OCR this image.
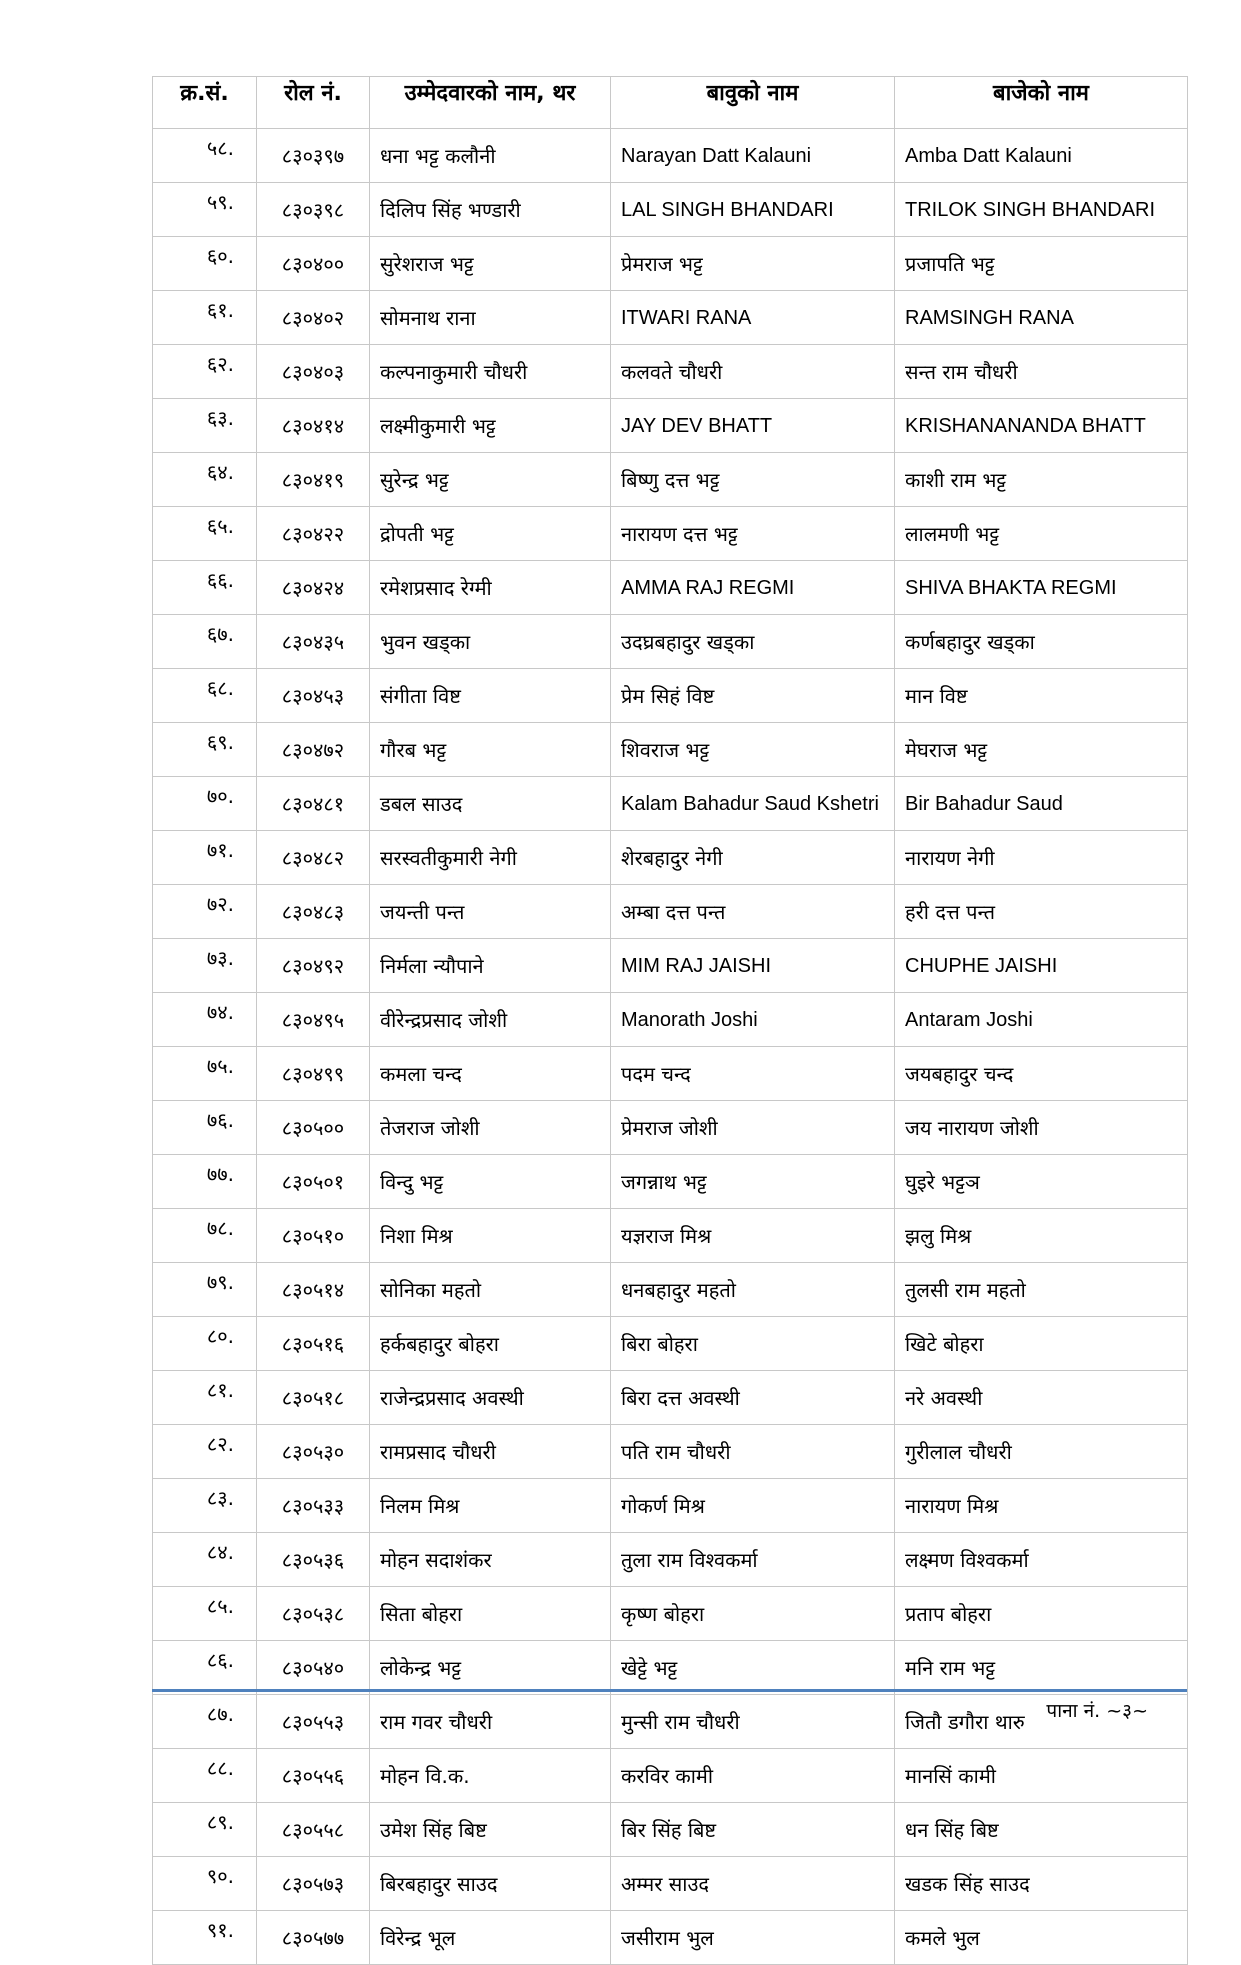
क्र.सं.	रोल नं.	उम्मेदवारको नाम, थर	बावुको नाम	बाजेको नाम
५८.	८३०३९७	धना भट्ट कलौनी	Narayan Datt Kalauni	Amba Datt Kalauni
५९.	८३०३९८	दिलिप सिंह भण्डारी	LAL SINGH BHANDARI	TRILOK SINGH BHANDARI
६०.	८३०४००	सुरेशराज भट्ट	प्रेमराज भट्ट	प्रजापति भट्ट
६१.	८३०४०२	सोमनाथ राना	ITWARI RANA	RAMSINGH RANA
६२.	८३०४०३	कल्पनाकुमारी चौधरी	कलवते चौधरी	सन्त राम चौधरी
६३.	८३०४१४	लक्ष्मीकुमारी भट्ट	JAY DEV BHATT	KRISHANANANDA BHATT
६४.	८३०४१९	सुरेन्द्र भट्ट	बिष्णु दत्त भट्ट	काशी राम भट्ट
६५.	८३०४२२	द्रोपती भट्ट	नारायण दत्त भट्ट	लालमणी भट्ट
६६.	८३०४२४	रमेशप्रसाद रेग्मी	AMMA RAJ REGMI	SHIVA BHAKTA REGMI
६७.	८३०४३५	भुवन खड्का	उदघ्रबहादुर खड्का	कर्णबहादुर खड्का
६८.	८३०४५३	संगीता विष्ट	प्रेम सिहं विष्ट	मान विष्ट
६९.	८३०४७२	गौरब भट्ट	शिवराज भट्ट	मेघराज भट्ट
७०.	८३०४८१	डबल साउद	Kalam Bahadur Saud Kshetri	Bir Bahadur Saud
७१.	८३०४८२	सरस्वतीकुमारी नेगी	शेरबहादुर नेगी	नारायण नेगी
७२.	८३०४८३	जयन्ती पन्त	अम्बा दत्त पन्त	हरी दत्त पन्त
७३.	८३०४९२	निर्मला न्यौपाने	MIM RAJ JAISHI	CHUPHE JAISHI
७४.	८३०४९५	वीरेन्द्रप्रसाद जोशी	Manorath Joshi	Antaram Joshi
७५.	८३०४९९	कमला चन्द	पदम चन्द	जयबहादुर चन्द
७६.	८३०५००	तेजराज जोशी	प्रेमराज जोशी	जय नारायण जोशी
७७.	८३०५०१	विन्दु भट्ट	जगन्नाथ भट्ट	घुइरे भट्टञ
७८.	८३०५१०	निशा मिश्र	यज्ञराज मिश्र	झलु मिश्र
७९.	८३०५१४	सोनिका महतो	धनबहादुर महतो	तुलसी राम महतो
८०.	८३०५१६	हर्कबहादुर बोहरा	बिरा बोहरा	खिटे बोहरा
८१.	८३०५१८	राजेन्द्रप्रसाद अवस्थी	बिरा दत्त अवस्थी	नरे अवस्थी
८२.	८३०५३०	रामप्रसाद चौधरी	पति राम चौधरी	गुरीलाल चौधरी
८३.	८३०५३३	निलम मिश्र	गोकर्ण मिश्र	नारायण मिश्र
८४.	८३०५३६	मोहन सदाशंकर	तुला राम विश्वकर्मा	लक्ष्मण विश्वकर्मा
८५.	८३०५३८	सिता बोहरा	कृष्ण बोहरा	प्रताप बोहरा
८६.	८३०५४०	लोकेन्द्र भट्ट	खेट्टे भट्ट	मनि राम भट्ट
८७.	८३०५५३	राम गवर चौधरी	मुन्सी राम चौधरी	जितौ डगौरा थारु
८८.	८३०५५६	मोहन वि.क.	करविर कामी	मानसिं कामी
८९.	८३०५५८	उमेश सिंह बिष्ट	बिर सिंह बिष्ट	धन सिंह बिष्ट
९०.	८३०५७३	बिरबहादुर साउद	अम्मर साउद	खडक सिंह साउद
९१.	८३०५७७	विरेन्द्र भूल	जसीराम भुल	कमले भुल
पाना नं. ~३~
